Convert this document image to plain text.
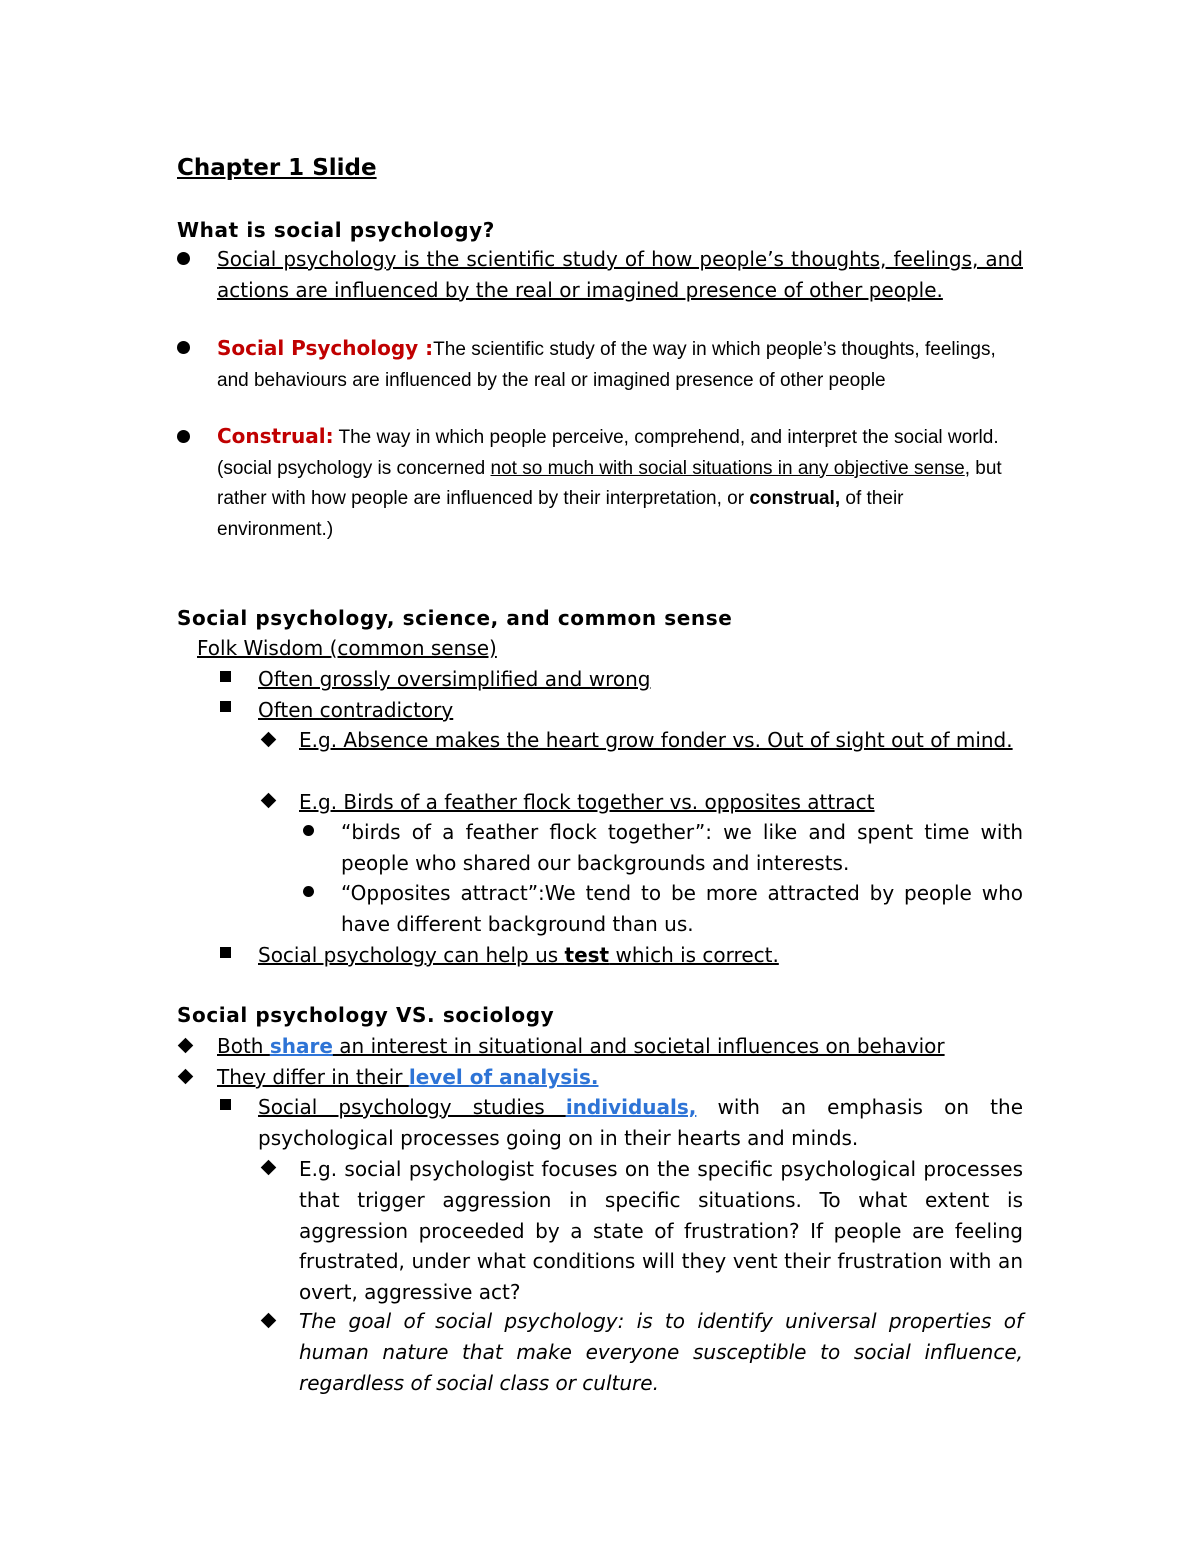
Chapter 1 Slide
What is social psychology?
Social psychology is the scientific study of how people’s thoughts, feelings, and actions are influenced by the real or imagined presence of other people.
Social Psychology :The scientific study of the way in which people’s thoughts, feelings, and behaviours are influenced by the real or imagined presence of other people
Construal: The way in which people perceive, comprehend, and interpret the social world. (social psychology is concerned not so much with social situations in any objective sense, but rather with how people are influenced by their interpretation, or construal, of their environment.)
Social psychology, science, and common sense
Folk Wisdom (common sense)
Often grossly oversimplified and wrong
Often contradictory
E.g. Absence makes the heart grow fonder vs. Out of sight out of mind.
E.g. Birds of a feather flock together vs. opposites attract
“birds of a feather flock together”: we like and spent time with people who shared our backgrounds and interests.
“Opposites attract”:We tend to be more attracted by people who have different background than us.
Social psychology can help us test which is correct.
Social psychology VS. sociology
Both share an interest in situational and societal influences on behavior
They differ in their level of analysis.
Social psychology studies individuals, with an emphasis on the psychological processes going on in their hearts and minds.
E.g. social psychologist focuses on the specific psychological processes that trigger aggression in specific situations. To what extent is aggression proceeded by a state of frustration? If people are feeling frustrated, under what conditions will they vent their frustration with an overt, aggressive act?
The goal of social psychology: is to identify universal properties of human nature that make everyone susceptible to social influence, regardless of social class or culture.
